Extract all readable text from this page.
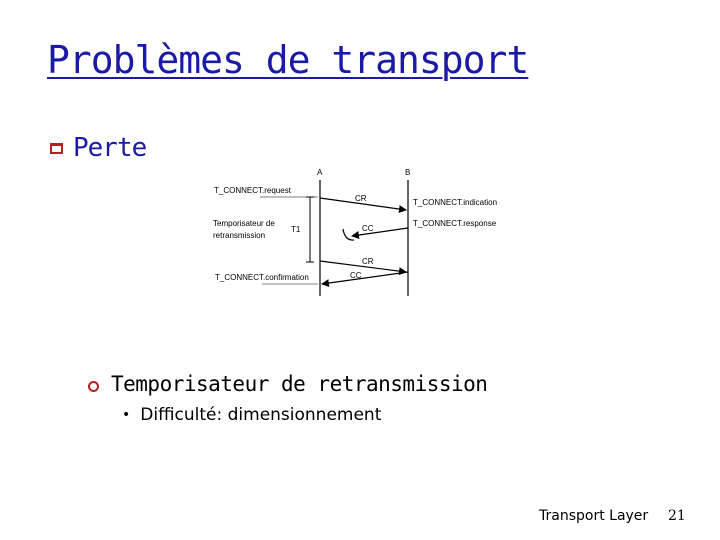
Problèmes de transport
Perte
A	B
T_CONNECT.request
Temporisateur de
retransmission
T_CONNECT.confirmation
T_CONNECT.indication
T_CONNECT.response
T1
CR
CC
CR
CC
Temporisateur de retransmission
• Difficulté: dimensionnement
Transport Layer 21
